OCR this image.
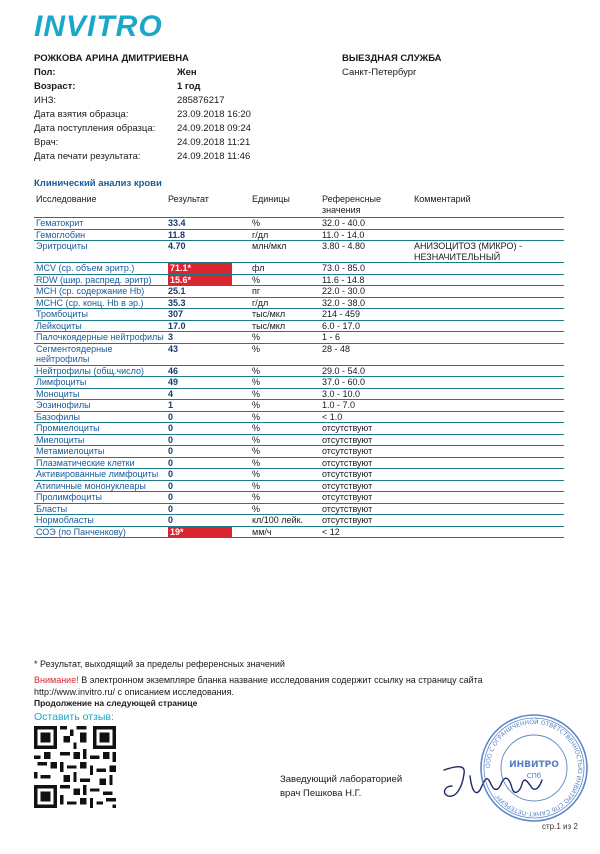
INVITRO
РОЖКОВА АРИНА ДМИТРИЕВНА
Пол:	Жен
Возраст:	1 год
ИНЗ:	285876217
Дата взятия образца:	23.09.2018 16:20
Дата поступления образца: 24.09.2018 09:24
Врач:	24.09.2018 11:21
Дата печати результата:	24.09.2018 11:46
ВЫЕЗДНАЯ СЛУЖБА
Санкт-Петербург
Клинический анализ крови
Исследование	Результат	Единицы	Референсные значения	Комментарий
Гематокрит	33.4	%	32.0 - 40.0	
Гемоглобин	11.8	г/дл	11.0 - 14.0	
Эритроциты	4.70	млн/мкл	3.80 - 4.80	АНИЗОЦИТОЗ (МИКРО) - НЕЗНАЧИТЕЛЬНЫЙ
MCV (ср. объем эритр.)	71.1*	фл	73.0 - 85.0	
RDW (шир. распред. эритр)	15.6*	%	11.6 - 14.8	
MCH (ср. содержание Hb)	25.1	пг	22.0 - 30.0	
MCHC (ср. конц. Hb в эр.)	35.3	г/дл	32.0 - 38.0	
Тромбоциты	307	тыс/мкл	214 - 459	
Лейкоциты	17.0	тыс/мкл	6.0 - 17.0	
Палочкоядерные нейтрофилы	3	%	1 - 6	
Сегментоядерные нейтрофилы	43	%	28 - 48	
Нейтрофилы (общ.число)	46	%	29.0 - 54.0	
Лимфоциты	49	%	37.0 - 60.0	
Моноциты	4	%	3.0 - 10.0	
Эозинофилы	1	%	1.0 - 7.0	
Базофилы	0	%	< 1.0	
Промиелоциты	0	%	отсутствуют	
Миелоциты	0	%	отсутствуют	
Метамиелоциты	0	%	отсутствуют	
Плазматические клетки	0	%	отсутствуют	
Активированные лимфоциты	0	%	отсутствуют	
Атипичные мононуклеары	0	%	отсутствуют	
Пролимфоциты	0	%	отсутствуют	
Бласты	0	%	отсутствуют	
Нормобласты	0	кл/100 лейк.	отсутствуют	
СОЭ (по Панченкову)	19*	мм/ч	< 12	
* Результат, выходящий за пределы референсных значений
Внимание! В электронном экземпляре бланка название исследования содержит ссылку на страницу сайта
http://www.invitro.ru/ с описанием исследования.
Продолжение на следующей странице
Оставить отзыв:
Заведующий лабораторией
врач Пешкова Н.Г.
ООО С ОГРАНИЧЕННОЙ ОТВЕТСТВЕННОСТЬЮ ИНВИТРО СПб САНКТ-ПЕТЕРБУРГ
ИНВИТРО
СПб
стр.1 из 2
